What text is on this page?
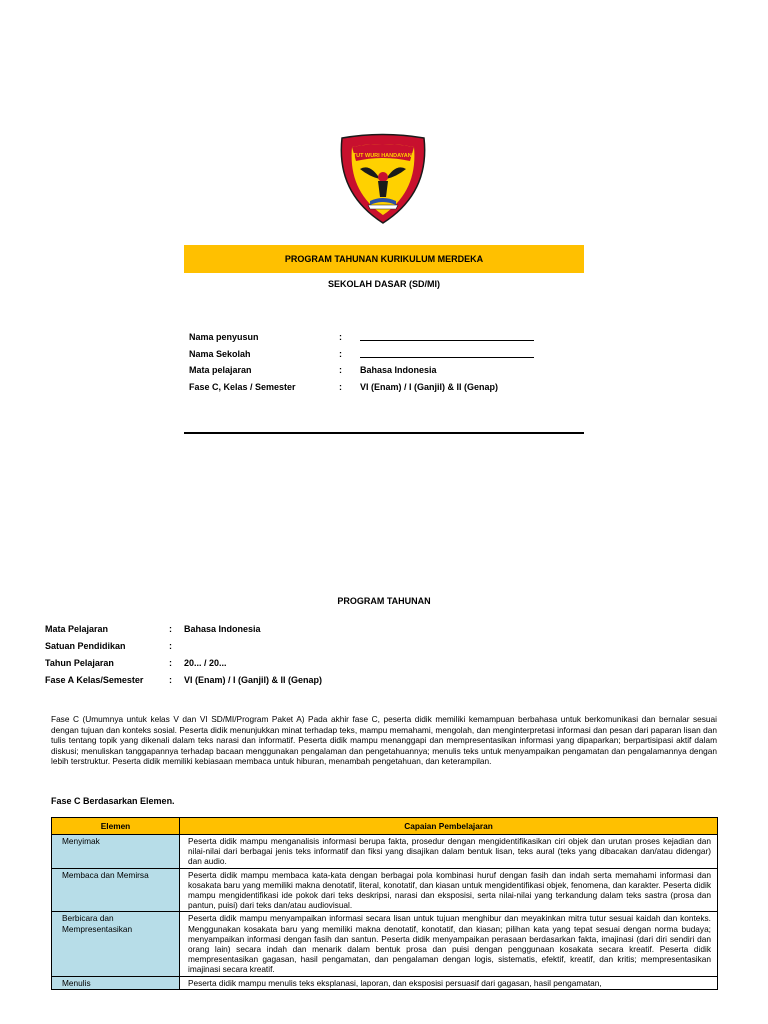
TUT WURI HANDAYANI
PROGRAM TAHUNAN KURIKULUM MERDEKA
SEKOLAH DASAR (SD/MI)
Nama penyusun	:
Nama Sekolah	:
Mata pelajaran	: Bahasa Indonesia
Fase C, Kelas / Semester	: VI (Enam) / I (Ganjil) & II (Genap)
PROGRAM TAHUNAN
Mata Pelajaran	: Bahasa Indonesia
Satuan Pendidikan	:
Tahun Pelajaran	: 20... / 20...
Fase A Kelas/Semester	: VI (Enam) / I (Ganjil) & II (Genap)
Fase C (Umumnya untuk kelas V dan VI SD/MI/Program Paket A) Pada akhir fase C, peserta didik memiliki kemampuan berbahasa untuk berkomunikasi dan bernalar sesuai dengan tujuan dan konteks sosial. Peserta didik menunjukkan minat terhadap teks, mampu memahami, mengolah, dan menginterpretasi informasi dan pesan dari paparan lisan dan tulis tentang topik yang dikenali dalam teks narasi dan informatif. Peserta didik mampu menanggapi dan mempresentasikan informasi yang dipaparkan; berpartisipasi aktif dalam diskusi; menuliskan tanggapannya terhadap bacaan menggunakan pengalaman dan pengetahuannya; menulis teks untuk menyampaikan pengamatan dan pengalamannya dengan lebih terstruktur. Peserta didik memiliki kebiasaan membaca untuk hiburan, menambah pengetahuan, dan keterampilan.
Fase C Berdasarkan Elemen.
Elemen	Capaian Pembelajaran
Menyimak	Peserta didik mampu menganalisis informasi berupa fakta, prosedur dengan mengidentifikasikan ciri objek dan urutan proses kejadian dan nilai-nilai dari berbagai jenis teks informatif dan fiksi yang disajikan dalam bentuk lisan, teks aural (teks yang dibacakan dan/atau didengar) dan audio.
Membaca dan Memirsa	Peserta didik mampu membaca kata-kata dengan berbagai pola kombinasi huruf dengan fasih dan indah serta memahami informasi dan kosakata baru yang memiliki makna denotatif, literal, konotatif, dan kiasan untuk mengidentifikasi objek, fenomena, dan karakter. Peserta didik mampu mengidentifikasi ide pokok dari teks deskripsi, narasi dan eksposisi, serta nilai-nilai yang terkandung dalam teks sastra (prosa dan pantun, puisi) dari teks dan/atau audiovisual.
Berbicara dan Mempresentasikan	Peserta didik mampu menyampaikan informasi secara lisan untuk tujuan menghibur dan meyakinkan mitra tutur sesuai kaidah dan konteks. Menggunakan kosakata baru yang memiliki makna denotatif, konotatif, dan kiasan; pilihan kata yang tepat sesuai dengan norma budaya; menyampaikan informasi dengan fasih dan santun. Peserta didik menyampaikan perasaan berdasarkan fakta, imajinasi (dari diri sendiri dan orang lain) secara indah dan menarik dalam bentuk prosa dan puisi dengan penggunaan kosakata secara kreatif. Peserta didik mempresentasikan gagasan, hasil pengamatan, dan pengalaman dengan logis, sistematis, efektif, kreatif, dan kritis; mempresentasikan imajinasi secara kreatif.
Menulis	Peserta didik mampu menulis teks eksplanasi, laporan, dan eksposisi persuasif dari gagasan, hasil pengamatan,
